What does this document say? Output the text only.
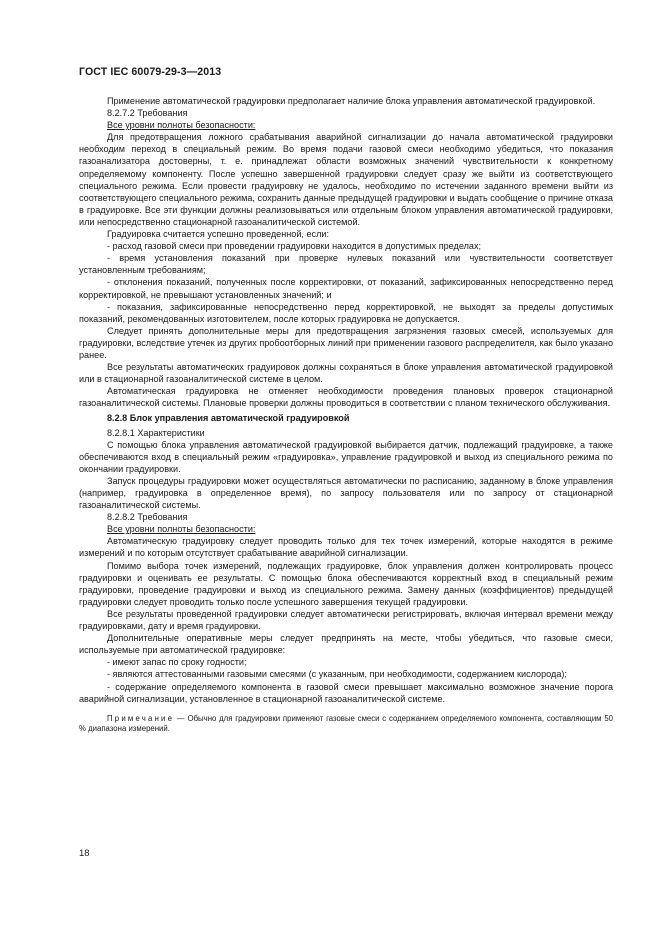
ГОСТ IEC 60079-29-3—2013

Применение автоматической градуировки предполагает наличие блока управления автоматической градуировкой.

8.2.7.2 Требования

Все уровни полноты безопасности:

Для предотвращения ложного срабатывания аварийной сигнализации до начала автоматической градуировки необходим переход в специальный режим. Во время подачи газовой смеси необходимо убедиться, что показания газоанализатора достоверны, т. е. принадлежат области возможных значений чувствительности к конкретному определяемому компоненту. После успешно завершенной градуировки следует сразу же выйти из соответствующего специального режима. Если провести градуировку не удалось, необходимо по истечении заданного времени выйти из соответствующего специального режима, сохранить данные предыдущей градуировки и выдать сообщение о причине отказа в градуировке. Все эти функции должны реализовываться или отдельным блоком управления автоматической градуировки, или непосредственно стационарной газоаналитической системой.

Градуировка считается успешно проведенной, если:

- расход газовой смеси при проведении градуировки находится в допустимых пределах;

- время установления показаний при проверке нулевых показаний или чувствительности соответствует установленным требованиям;

- отклонения показаний, полученных после корректировки, от показаний, зафиксированных непосредственно перед корректировкой, не превышают установленных значений; и

- показания, зафиксированные непосредственно перед корректировкой, не выходят за пределы допустимых показаний, рекомендованных изготовителем, после которых градуировка не допускается.

Следует принять дополнительные меры для предотвращения загрязнения газовых смесей, используемых для градуировки, вследствие утечек из других пробоотборных линий при применении газового распределителя, как было указано ранее.

Все результаты автоматических градуировок должны сохраняться в блоке управления автоматической градуировкой или в стационарной газоаналитической системе в целом.

Автоматическая градуировка не отменяет необходимости проведения плановых проверок стационарной газоаналитической системы. Плановые проверки должны проводиться в соответствии с планом технического обслуживания.

8.2.8 Блок управления автоматической градуировкой

8.2.8.1 Характеристики

С помощью блока управления автоматической градуировкой выбирается датчик, подлежащий градуировке, а также обеспечиваются вход в специальный режим «градуировка», управление градуировкой и выход из специального режима по окончании градуировки.

Запуск процедуры градуировки может осуществляться автоматически по расписанию, заданному в блоке управления (например, градуировка в определенное время), по запросу пользователя или по запросу от стационарной газоаналитической системы.

8.2.8.2 Требования

Все уровни полноты безопасности:

Автоматическую градуировку следует проводить только для тех точек измерений, которые находятся в режиме измерений и по которым отсутствует срабатывание аварийной сигнализации.

Помимо выбора точек измерений, подлежащих градуировке, блок управления должен контролировать процесс градуировки и оценивать ее результаты. С помощью блока обеспечиваются корректный вход в специальный режим градуировки, проведение градуировки и выход из специального режима. Замену данных (коэффициентов) предыдущей градуировки следует проводить только после успешного завершения текущей градуировки.

Все результаты проведенной градуировки следует автоматически регистрировать, включая интервал времени между градуировками, дату и время градуировки.

Дополнительные оперативные меры следует предпринять на месте, чтобы убедиться, что газовые смеси, используемые при автоматической градуировке:

- имеют запас по сроку годности;

- являются аттестованными газовыми смесями (с указанным, при необходимости, содержанием кислорода);

- содержание определяемого компонента в газовой смеси превышает максимально возможное значение порога аварийной сигнализации, установленное в стационарной газоаналитической системе.

Примечание — Обычно для градуировки применяют газовые смеси с содержанием определяемого компонента, составляющим 50 % диапазона измерений.

18
